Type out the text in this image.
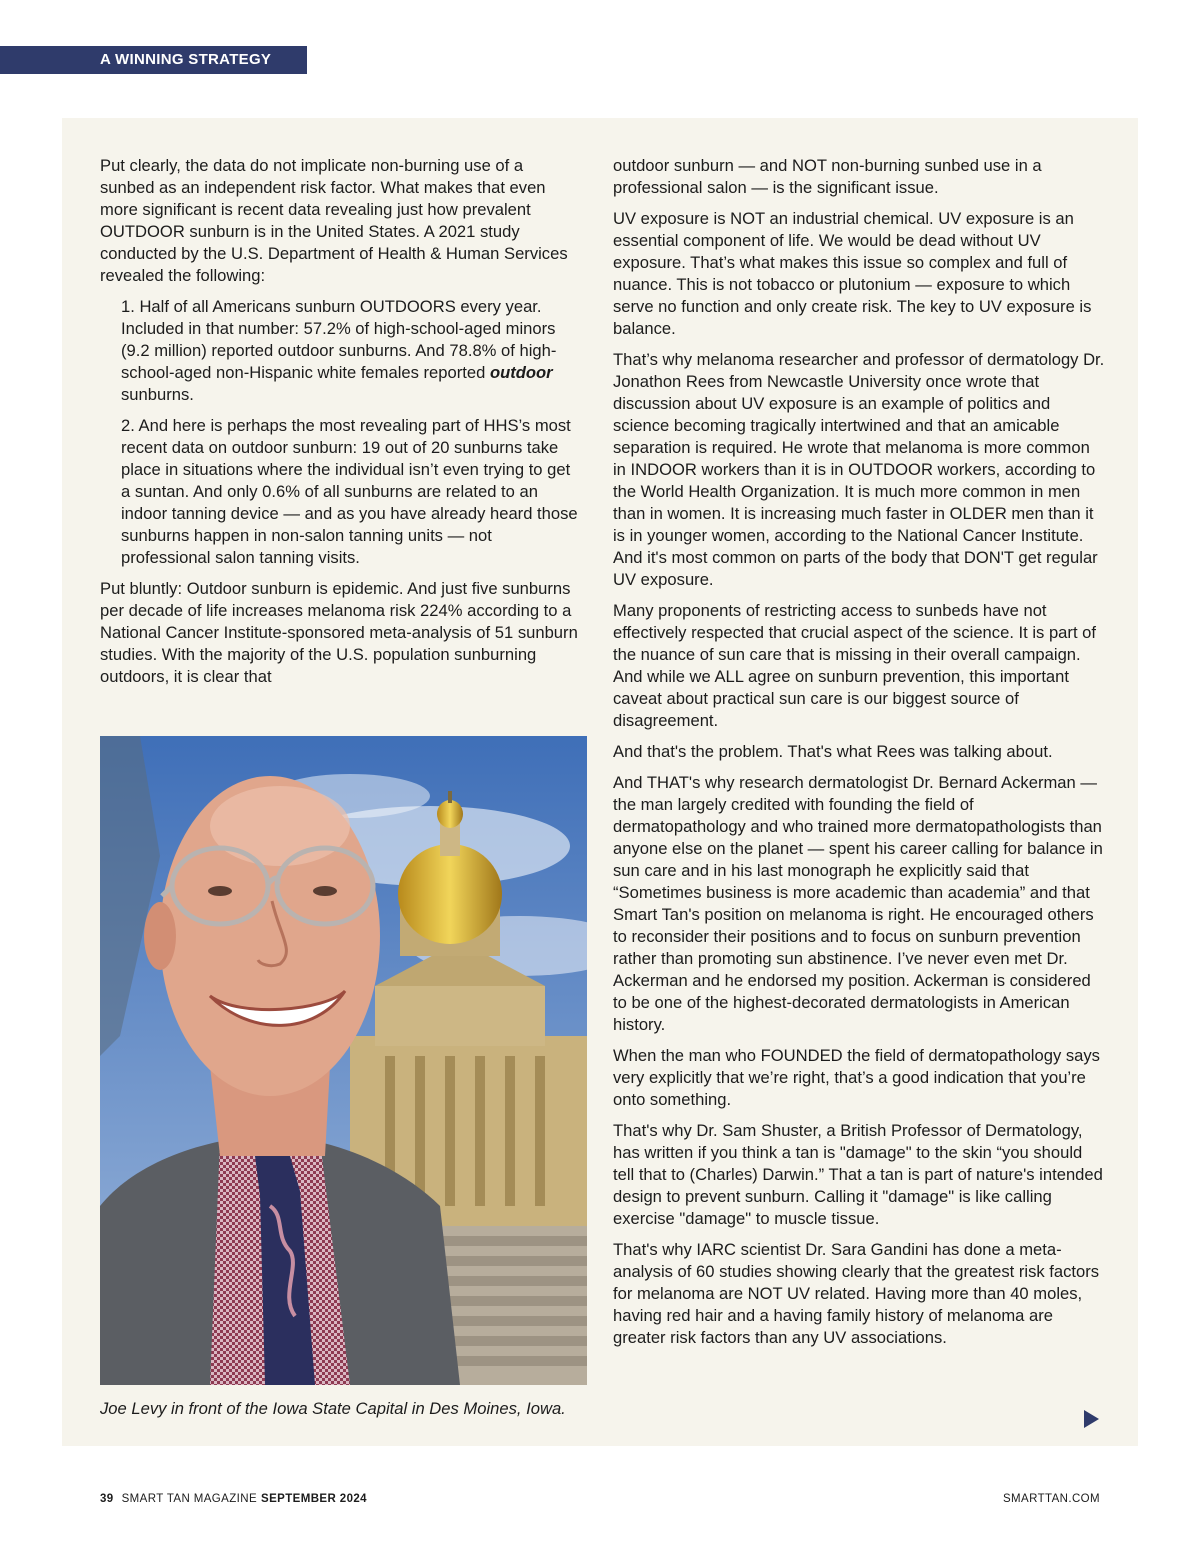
A WINNING STRATEGY

Put clearly, the data do not implicate non-burning use of a sunbed as an independent risk factor. What makes that even more significant is recent data revealing just how prevalent OUTDOOR sunburn is in the United States. A 2021 study conducted by the U.S. Department of Health & Human Services revealed the following:

1. Half of all Americans sunburn OUTDOORS every year. Included in that number: 57.2% of high-school-aged minors (9.2 million) reported outdoor sunburns. And 78.8% of high-school-aged non-Hispanic white females reported outdoor sunburns.

2. And here is perhaps the most revealing part of HHS’s most recent data on outdoor sunburn: 19 out of 20 sunburns take place in situations where the individual isn’t even trying to get a suntan. And only 0.6% of all sunburns are related to an indoor tanning device — and as you have already heard those sunburns happen in non-salon tanning units — not professional salon tanning visits.

Put bluntly: Outdoor sunburn is epidemic. And just five sunburns per decade of life increases melanoma risk 224% according to a National Cancer Institute-sponsored meta-analysis of 51 sunburn studies. With the majority of the U.S. population sunburning outdoors, it is clear that

Joe Levy in front of the Iowa State Capital in Des Moines, Iowa.

outdoor sunburn — and NOT non-burning sunbed use in a professional salon — is the significant issue.

UV exposure is NOT an industrial chemical. UV exposure is an essential component of life. We would be dead without UV exposure. That’s what makes this issue so complex and full of nuance. This is not tobacco or plutonium — exposure to which serve no function and only create risk. The key to UV exposure is balance.

That’s why melanoma researcher and professor of dermatology Dr. Jonathon Rees from Newcastle University once wrote that discussion about UV exposure is an example of politics and science becoming tragically intertwined and that an amicable separation is required. He wrote that melanoma is more common in INDOOR workers than it is in OUTDOOR workers, according to the World Health Organization. It is much more common in men than in women. It is increasing much faster in OLDER men than it is in younger women, according to the National Cancer Institute. And it's most common on parts of the body that DON'T get regular UV exposure.

Many proponents of restricting access to sunbeds have not effectively respected that crucial aspect of the science. It is part of the nuance of sun care that is missing in their overall campaign. And while we ALL agree on sunburn prevention, this important caveat about practical sun care is our biggest source of disagreement.

And that's the problem. That's what Rees was talking about.

And THAT's why research dermatologist Dr. Bernard Ackerman — the man largely credited with founding the field of dermatopathology and who trained more dermatopathologists than anyone else on the planet — spent his career calling for balance in sun care and in his last monograph he explicitly said that “Sometimes business is more academic than academia” and that Smart Tan's position on melanoma is right. He encouraged others to reconsider their positions and to focus on sunburn prevention rather than promoting sun abstinence. I’ve never even met Dr. Ackerman and he endorsed my position. Ackerman is considered to be one of the highest-decorated dermatologists in American history.

When the man who FOUNDED the field of dermatopathology says very explicitly that we’re right, that’s a good indication that you’re onto something.

That's why Dr. Sam Shuster, a British Professor of Dermatology, has written if you think a tan is "damage" to the skin “you should tell that to (Charles) Darwin.” That a tan is part of nature's intended design to prevent sunburn. Calling it "damage" is like calling exercise "damage" to muscle tissue.

That's why IARC scientist Dr. Sara Gandini has done a meta-analysis of 60 studies showing clearly that the greatest risk factors for melanoma are NOT UV related. Having more than 40 moles, having red hair and a having family history of melanoma are greater risk factors than any UV associations.

39 SMART TAN MAGAZINE SEPTEMBER 2024	SMARTTAN.COM
